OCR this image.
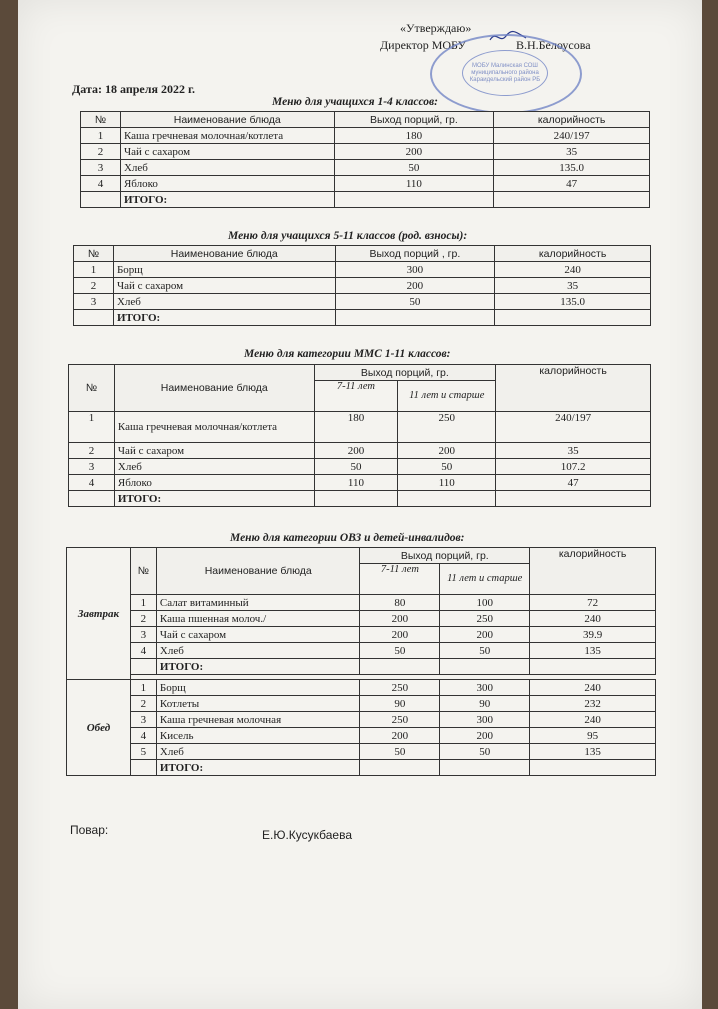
«Утверждаю»
Директор МОБУ	В.Н.Белоусова
МОБУ Малинская СОШ муниципального района Караидельский район РБ
Дата: 18 апреля 2022 г.
Меню для учащихся 1-4 классов:
№	Наименование блюда	Выход порций, гр.	калорийность
1	Каша гречневая молочная/котлета	180	240/197
2	Чай с сахаром	200	35
3	Хлеб	50	135.0
4	Яблоко	110	47
	ИТОГО:		
Меню для учащихся 5-11 классов (род. взносы):
№	Наименование блюда	Выход порций , гр.	калорийность
1	Борщ	300	240
2	Чай с сахаром	200	35
3	Хлеб	50	135.0
	ИТОГО:		
Меню для категории ММС 1-11 классов:
№	Наименование блюда	Выход порций, гр.		калорийность
		7-11 лет	11 лет и старше	
1	Каша гречневая молочная/котлета	180	250	240/197
2	Чай с сахаром	200	200	35
3	Хлеб	50	50	107.2
4	Яблоко	110	110	47
	ИТОГО:			
Меню для категории ОВЗ и детей-инвалидов:
Завтрак	№	Наименование блюда	Выход порций, гр.		калорийность
			7-11 лет	11 лет и старше	
	1	Салат витаминный	80	100	72
	2	Каша пшенная молоч./	200	250	240
	3	Чай с сахаром	200	200	39.9
	4	Хлеб	50	50	135
		ИТОГО:			

Обед	1	Борщ	250	300	240
	2	Котлеты	90	90	232
	3	Каша гречневая молочная	250	300	240
	4	Кисель	200	200	95
	5	Хлеб	50	50	135
		ИТОГО:			
Повар:	Е.Ю.Кусукбаева
